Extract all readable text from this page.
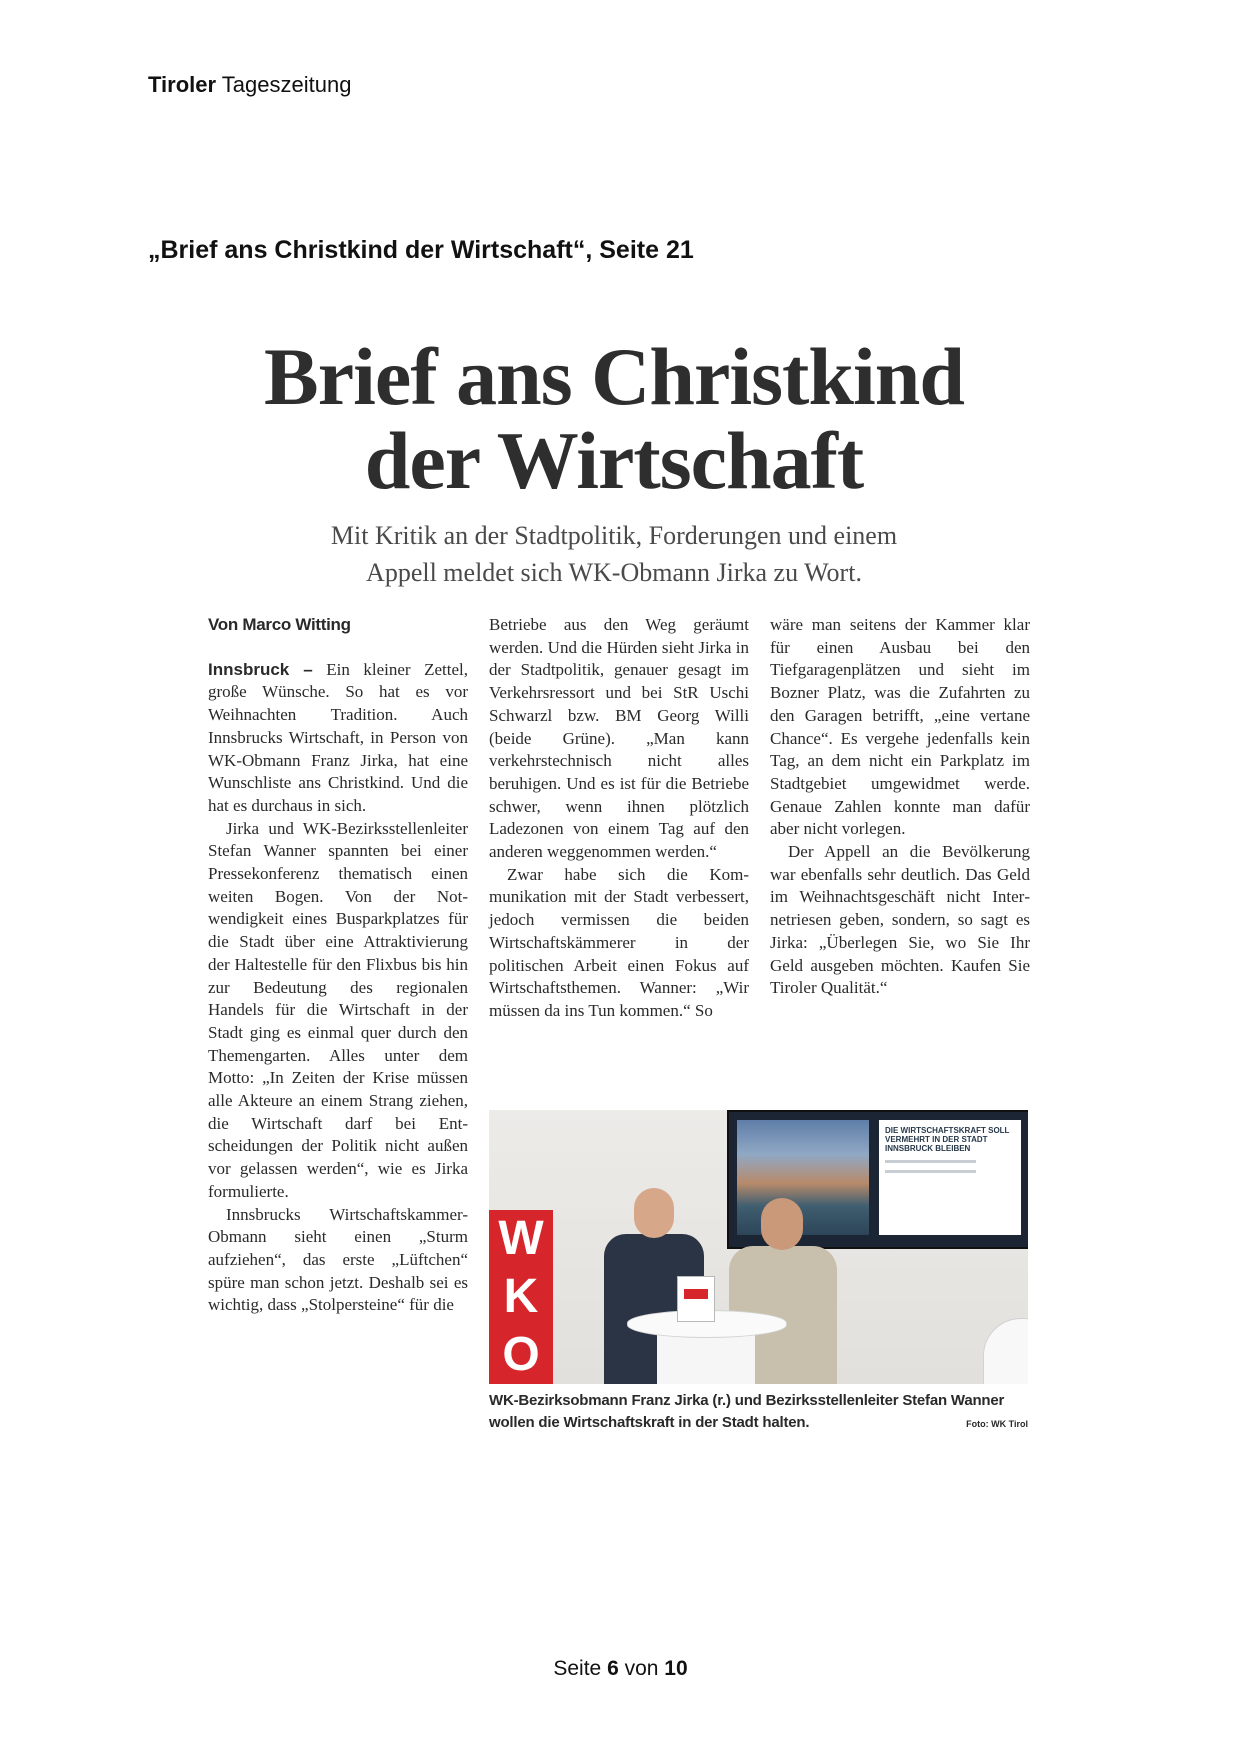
Tiroler Tageszeitung
„Brief ans Christkind der Wirtschaft“, Seite 21
Brief ans Christkind
der Wirtschaft
Mit Kritik an der Stadtpolitik, Forderungen und einem
Appell meldet sich WK-Obmann Jirka zu Wort.
Von Marco Witting

Innsbruck – Ein kleiner Zettel, große Wünsche. So hat es vor Weihnachten Tradition. Auch Innsbrucks Wirtschaft, in Person von WK-Obmann Franz Jirka, hat eine Wunschliste ans Christkind. Und die hat es durchaus in sich.

Jirka und WK-Bezirksstellenleiter Stefan Wanner spannten bei einer Pressekonferenz thematisch einen weiten Bogen. Von der Notwendigkeit eines Busparkplatzes für die Stadt über eine Attraktivierung der Haltestelle für den Flixbus bis hin zur Bedeutung des regionalen Handels für die Wirtschaft in der Stadt ging es einmal quer durch den Themengarten. Alles unter dem Motto: „In Zeiten der Krise müssen alle Akteure an einem Strang ziehen, die Wirtschaft darf bei Entscheidungen der Politik nicht außen vor gelassen werden“, wie es Jirka formulierte.

Innsbrucks Wirtschaftskammer-Obmann sieht einen „Sturm aufziehen“, das erste „Lüftchen“ spüre man schon jetzt. Deshalb sei es wichtig, dass „Stolpersteine“ für die

Betriebe aus den Weg geräumt werden. Und die Hürden sieht Jirka in der Stadtpolitik, genauer gesagt im Verkehrsressort und bei StR Uschi Schwarzl bzw. BM Georg Willi (beide Grüne). „Man kann verkehrstechnisch nicht alles beruhigen. Und es ist für die Betriebe schwer, wenn ihnen plötzlich Ladezonen von einem Tag auf den anderen weggenommen werden.“

Zwar habe sich die Kommunikation mit der Stadt verbessert, jedoch vermissen die beiden Wirtschaftskämmerer in der politischen Arbeit einen Fokus auf Wirtschaftsthemen. Wanner: „Wir müssen da ins Tun kommen.“ So

wäre man seitens der Kammer klar für einen Ausbau bei den Tiefgaragenplätzen und sieht im Bozner Platz, was die Zufahrten zu den Garagen betrifft, „eine vertane Chance“. Es vergehe jedenfalls kein Tag, an dem nicht ein Parkplatz im Stadtgebiet umgewidmet werde. Genaue Zahlen konnte man dafür aber nicht vorlegen.

Der Appell an die Bevölkerung war ebenfalls sehr deutlich. Das Geld im Weihnachtsgeschäft nicht Internetriesen geben, sondern, so sagt es Jirka: „Überlegen Sie, wo Sie Ihr Geld ausgeben möchten. Kaufen Sie Tiroler Qualität.“

DIE WIRTSCHAFTSKRAFT SOLL VERMEHRT IN DER STADT INNSBRUCK BLEIBEN
W
K
O
WK-Bezirksobmann Franz Jirka (r.) und Bezirksstellenleiter Stefan Wanner wollen die Wirtschaftskraft in der Stadt halten.	Foto: WK Tirol
Seite 6 von 10
